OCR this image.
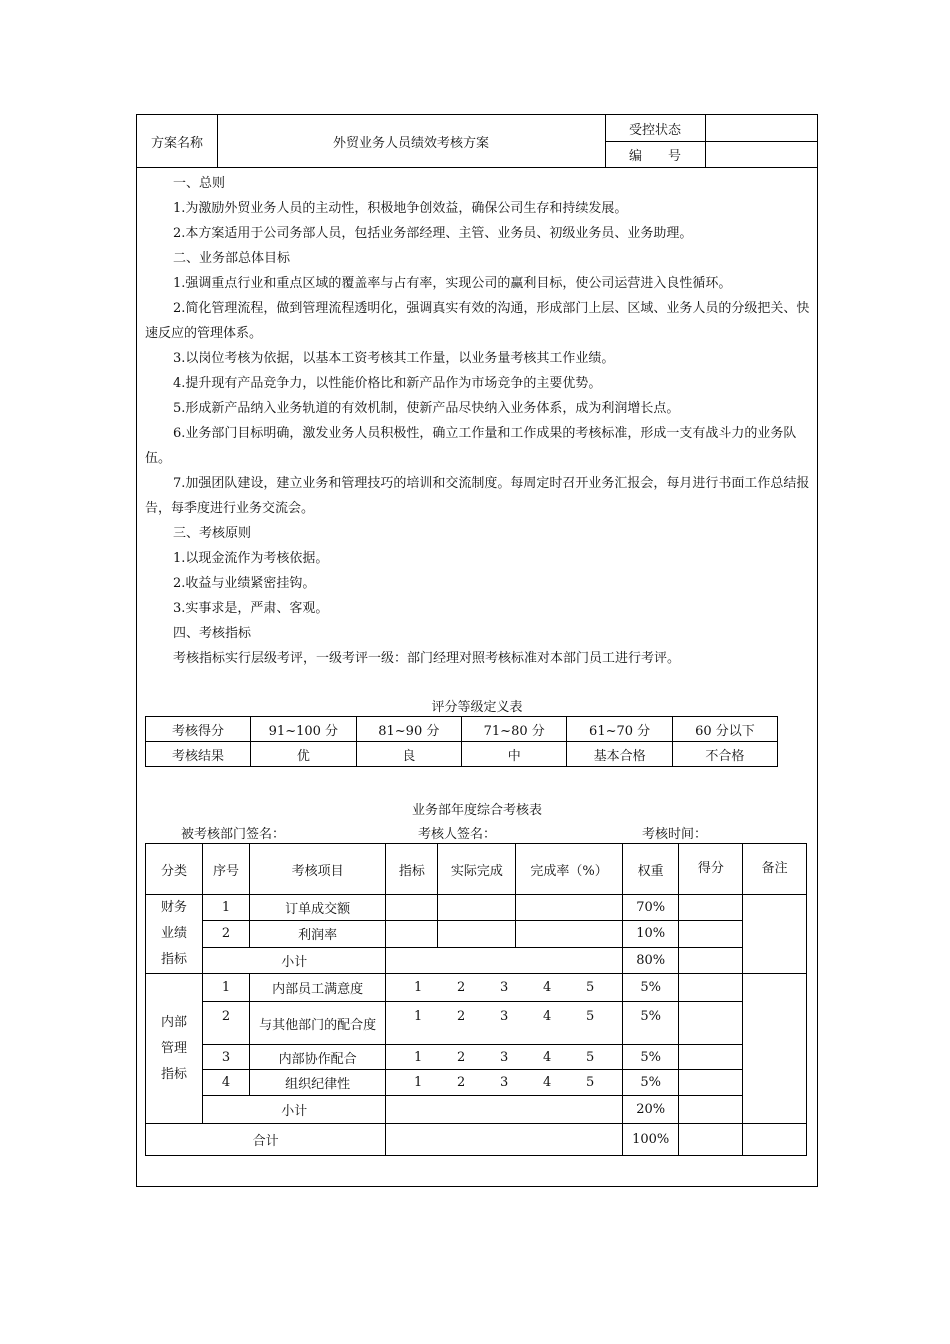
方案名称	外贸业务人员绩效考核方案
受控状态
编　　号
一、总则
1.为激励外贸业务人员的主动性，积极地争创效益，确保公司生存和持续发展。
2.本方案适用于公司务部人员，包括业务部经理、主管、业务员、初级业务员、业务助理。
二、业务部总体目标
1.强调重点行业和重点区域的覆盖率与占有率，实现公司的赢利目标，使公司运营进入良性循环。
2.简化管理流程，做到管理流程透明化，强调真实有效的沟通，形成部门上层、区域、业务人员的分级把关、快速反应的管理体系。
3.以岗位考核为依据，以基本工资考核其工作量，以业务量考核其工作业绩。
4.提升现有产品竞争力，以性能价格比和新产品作为市场竞争的主要优势。
5.形成新产品纳入业务轨道的有效机制，使新产品尽快纳入业务体系，成为利润增长点。
6.业务部门目标明确，激发业务人员积极性，确立工作量和工作成果的考核标准，形成一支有战斗力的业务队伍。
7.加强团队建设，建立业务和管理技巧的培训和交流制度。每周定时召开业务汇报会，每月进行书面工作总结报告，每季度进行业务交流会。
三、考核原则
1.以现金流作为考核依据。
2.收益与业绩紧密挂钩。
3.实事求是，严肃、客观。
四、考核指标
考核指标实行层级考评，一级考评一级：部门经理对照考核标准对本部门员工进行考评。
评分等级定义表
考核得分	91~100 分	81~90 分	71~80 分	61~70 分	60 分以下
考核结果	优	良	中	基本合格	不合格
业务部年度综合考核表
被考核部门签名：	考核人签名：	考核时间：
分类	序号	考核项目	指标	实际完成	完成率（%）	权重	得分	备注
财务业绩指标	1	订单成交额				70%		
	2	利润率				10%		
	小计					80%		
内部管理指标	1	内部员工满意度	1 2 3 4 5			5%		
	2	与其他部门的配合度	1 2 3 4 5			5%		
	3	内部协作配合	1 2 3 4 5			5%		
	4	组织纪律性	1 2 3 4 5			5%		
	小计					20%		
合计						100%		
